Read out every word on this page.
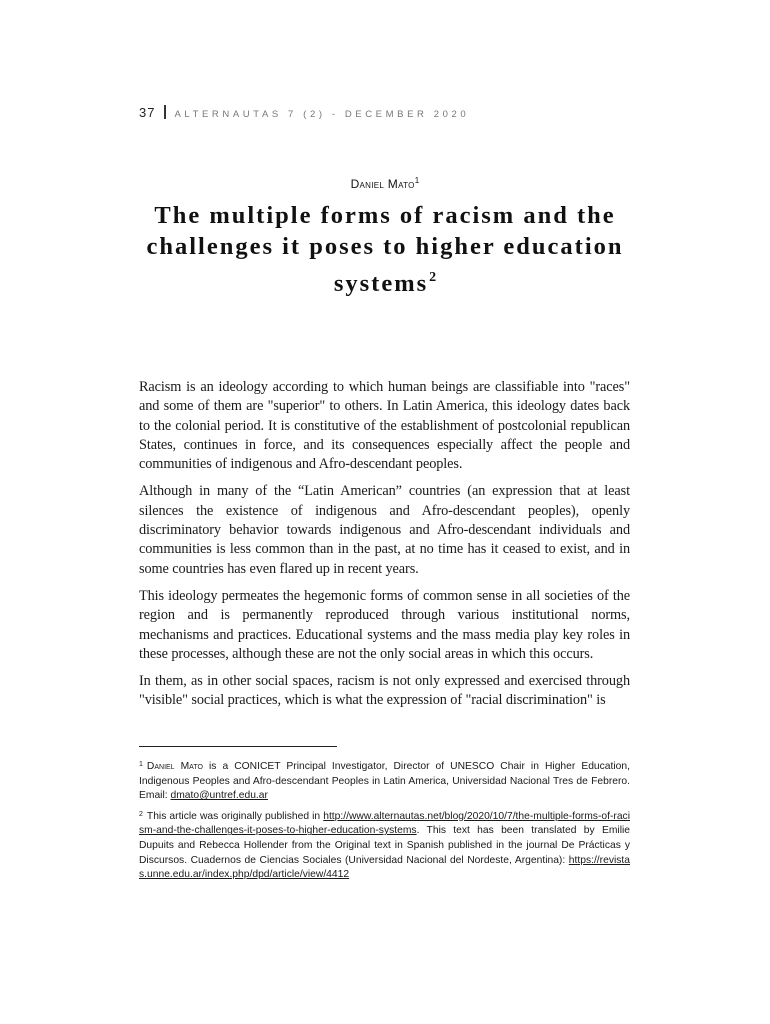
37 ALTERNAUTAS 7 (2) - DECEMBER 2020
Daniel Mato$^1$
The multiple forms of racism and the challenges it poses to higher education systems$^2$

Racism is an ideology according to which human beings are classifiable into "races" and some of them are "superior" to others. In Latin America, this ideology dates back to the colonial period. It is constitutive of the establishment of postcolonial republican States, continues in force, and its consequences especially affect the people and communities of indigenous and Afro-descendant peoples.

Although in many of the “Latin American” countries (an expression that at least silences the existence of indigenous and Afro-descendant peoples), openly discriminatory behavior towards indigenous and Afro-descendant individuals and communities is less common than in the past, at no time has it ceased to exist, and in some countries has even flared up in recent years.

This ideology permeates the hegemonic forms of common sense in all societies of the region and is permanently reproduced through various institutional norms, mechanisms and practices. Educational systems and the mass media play key roles in these processes, although these are not the only social areas in which this occurs.

In them, as in other social spaces, racism is not only expressed and exercised through "visible" social practices, which is what the expression of "racial discrimination" is

$^1$ Daniel Mato is a CONICET Principal Investigator, Director of UNESCO Chair in Higher Education, Indigenous Peoples and Afro-descendant Peoples in Latin America, Universidad Nacional Tres de Febrero. Email: dmato@untref.edu.ar

$^2$ This article was originally published in http://www.alternautas.net/blog/2020/10/7/the-multiple-forms-of-racism-and-the-challenges-it-poses-to-higher-education-systems. This text has been translated by Emilie Dupuits and Rebecca Hollender from the Original text in Spanish published in the journal De Prácticas y Discursos. Cuadernos de Ciencias Sociales (Universidad Nacional del Nordeste, Argentina): https://revistas.unne.edu.ar/index.php/dpd/article/view/4412
